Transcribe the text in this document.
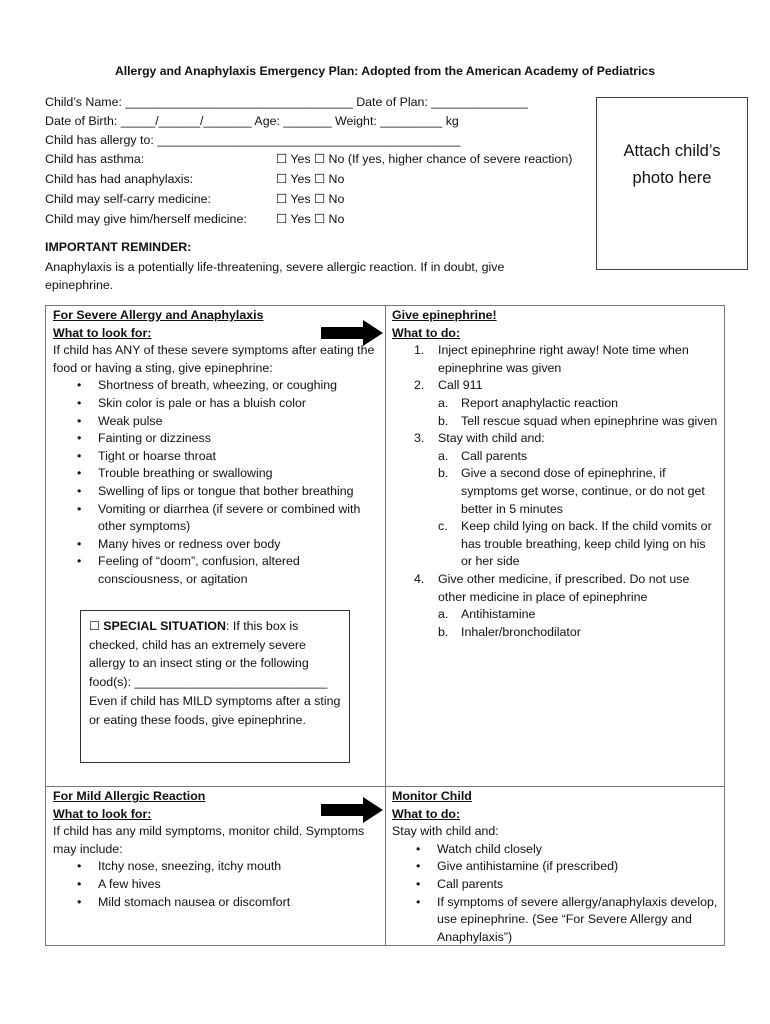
Allergy and Anaphylaxis Emergency Plan: Adopted from the American Academy of Pediatrics
Child’s Name: _________________________________ Date of Plan: ______________
Date of Birth: _____/______/_______ Age: _______ Weight: _________ kg
Child has allergy to: ____________________________________________
Child has asthma:	☐ Yes ☐ No (If yes, higher chance of severe reaction)
Child has had anaphylaxis:	☐ Yes ☐ No
Child may self-carry medicine:	☐ Yes ☐ No
Child may give him/herself medicine: ☐ Yes ☐ No
Attach child’s
photo here
IMPORTANT REMINDER:
Anaphylaxis is a potentially life-threatening, severe allergic reaction. If in doubt, give epinephrine.
For Severe Allergy and Anaphylaxis
What to look for:
If child has ANY of these severe symptoms after eating the food or having a sting, give epinephrine:
• Shortness of breath, wheezing, or coughing
• Skin color is pale or has a bluish color
• Weak pulse
• Fainting or dizziness
• Tight or hoarse throat
• Trouble breathing or swallowing
• Swelling of lips or tongue that bother breathing
• Vomiting or diarrhea (if severe or combined with other symptoms)
• Many hives or redness over body
• Feeling of “doom”, confusion, altered consciousness, or agitation
☐ SPECIAL SITUATION: If this box is checked, child has an extremely severe allergy to an insect sting or the following food(s): ____________________________
Even if child has MILD symptoms after a sting or eating these foods, give epinephrine.
Give epinephrine!
What to do:
1. Inject epinephrine right away! Note time when epinephrine was given
2. Call 911
a. Report anaphylactic reaction
b. Tell rescue squad when epinephrine was given
3. Stay with child and:
a. Call parents
b. Give a second dose of epinephrine, if symptoms get worse, continue, or do not get better in 5 minutes
c. Keep child lying on back. If the child vomits or has trouble breathing, keep child lying on his or her side
4. Give other medicine, if prescribed. Do not use other medicine in place of epinephrine
a. Antihistamine
b. Inhaler/bronchodilator
For Mild Allergic Reaction
What to look for:
If child has any mild symptoms, monitor child. Symptoms may include:
• Itchy nose, sneezing, itchy mouth
• A few hives
• Mild stomach nausea or discomfort
Monitor Child
What to do:
Stay with child and:
• Watch child closely
• Give antihistamine (if prescribed)
• Call parents
• If symptoms of severe allergy/anaphylaxis develop, use epinephrine. (See “For Severe Allergy and Anaphylaxis”)
